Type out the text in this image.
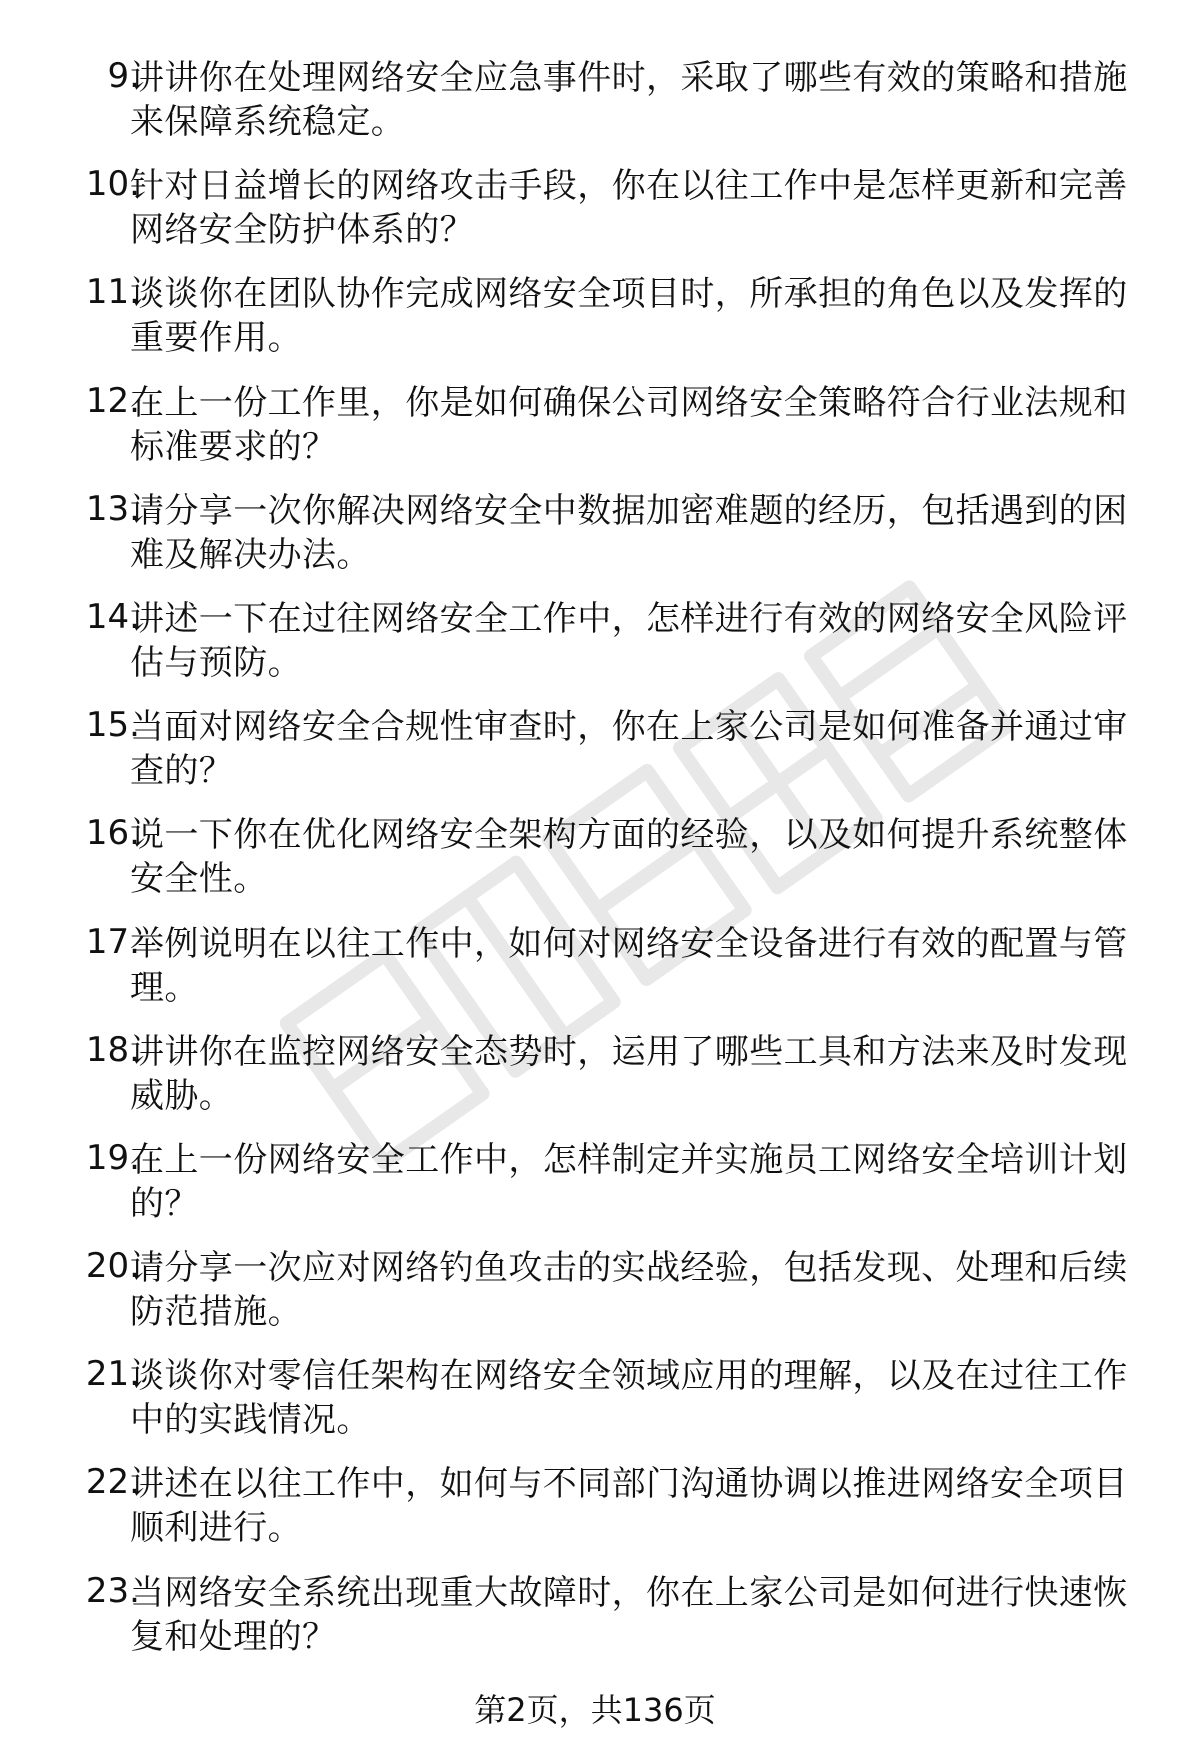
9.
讲讲你在处理网络安全应急事件时，采取了哪些有效的策略和措施来保障系统稳定。
10.
针对日益增长的网络攻击手段，你在以往工作中是怎样更新和完善网络安全防护体系的？
11.
谈谈你在团队协作完成网络安全项目时，所承担的角色以及发挥的重要作用。
12.
在上一份工作里，你是如何确保公司网络安全策略符合行业法规和标准要求的？
13.
请分享一次你解决网络安全中数据加密难题的经历，包括遇到的困难及解决办法。
14.
讲述一下在过往网络安全工作中，怎样进行有效的网络安全风险评估与预防。
15.
当面对网络安全合规性审查时，你在上家公司是如何准备并通过审查的？
16.
说一下你在优化网络安全架构方面的经验，以及如何提升系统整体安全性。
17.
举例说明在以往工作中，如何对网络安全设备进行有效的配置与管理。
18.
讲讲你在监控网络安全态势时，运用了哪些工具和方法来及时发现威胁。
19.
在上一份网络安全工作中，怎样制定并实施员工网络安全培训计划的？
20.
请分享一次应对网络钓鱼攻击的实战经验，包括发现、处理和后续防范措施。
21.
谈谈你对零信任架构在网络安全领域应用的理解，以及在过往工作中的实践情况。
22.
讲述在以往工作中，如何与不同部门沟通协调以推进网络安全项目顺利进行。
23.
当网络安全系统出现重大故障时，你在上家公司是如何进行快速恢复和处理的？
第2页，共136页
